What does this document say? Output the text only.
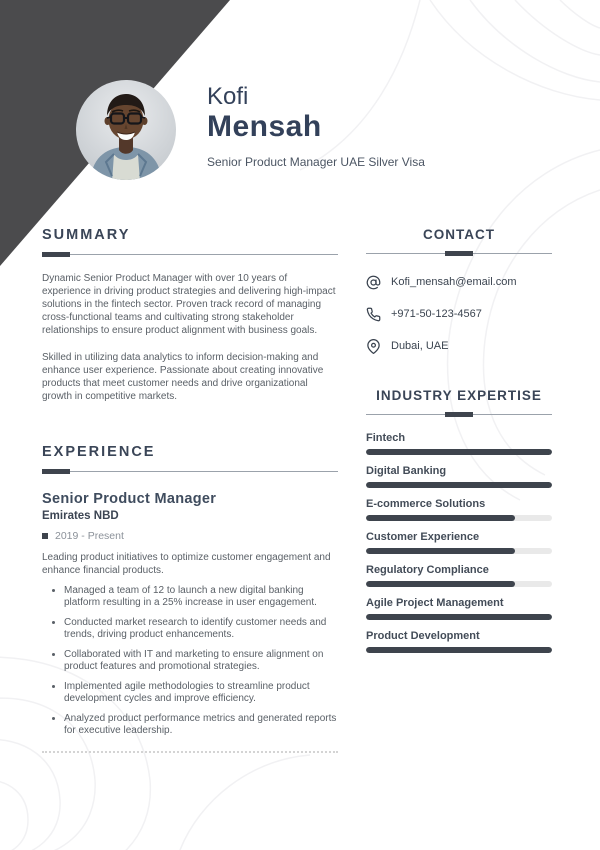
Kofi
Mensah
Senior Product Manager UAE Silver Visa
SUMMARY

Dynamic Senior Product Manager with over 10 years of experience in driving product strategies and delivering high-impact solutions in the fintech sector. Proven track record of managing cross-functional teams and cultivating strong stakeholder relationships to ensure product alignment with business goals.

Skilled in utilizing data analytics to inform decision-making and enhance user experience. Passionate about creating innovative products that meet customer needs and drive organizational growth in competitive markets.

EXPERIENCE
Senior Product Manager
Emirates NBD
2019 - Present
Leading product initiatives to optimize customer engagement and enhance financial products.
• Managed a team of 12 to launch a new digital banking platform resulting in a 25% increase in user engagement.
• Conducted market research to identify customer needs and trends, driving product enhancements.
• Collaborated with IT and marketing to ensure alignment on product features and promotional strategies.
• Implemented agile methodologies to streamline product development cycles and improve efficiency.
• Analyzed product performance metrics and generated reports for executive leadership.
CONTACT
Kofi_mensah@email.com
+971-50-123-4567
Dubai, UAE
INDUSTRY EXPERTISE
Fintech
Digital Banking
E-commerce Solutions
Customer Experience
Regulatory Compliance
Agile Project Management
Product Development
